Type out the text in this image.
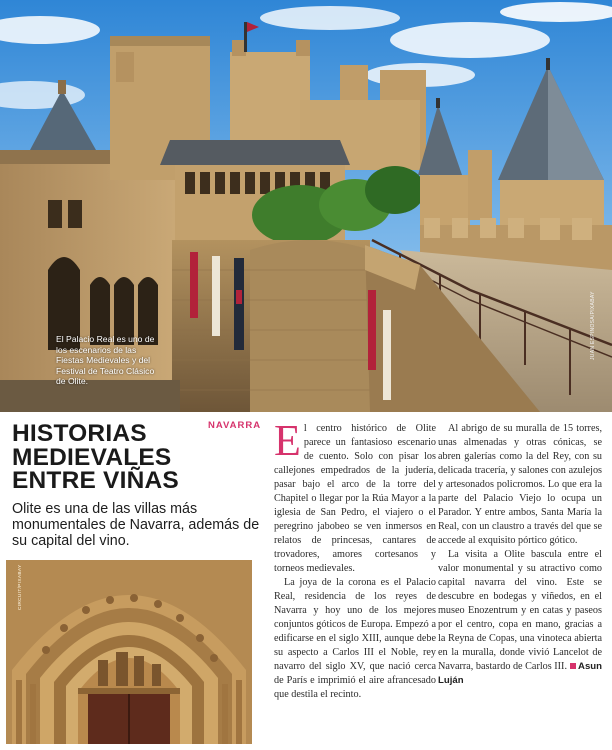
El Palacio Real es uno de los escenarios de las Fiestas Medievales y del Festival de Teatro Clásico de Olite.

JUAN ESPINOSA/PIXABAY
NAVARRA
HISTORIAS
MEDIEVALES
ENTRE VIÑAS

Olite es una de las villas más monumentales de Navarra, además de su capital del vino.

CIRCUIT/PIXABAY

El centro histórico de Olite parece un fantasioso escenario de cuento. Solo con pisar los callejones empedrados de la judería, pasar bajo el arco de la torre del Chapitel o llegar por la Rúa Mayor a la iglesia de San Pedro, el viajero o el peregrino jabobeo se ven inmersos en relatos de princesas, cantares de trovadores, amores cortesanos y torneos medievales.

La joya de la corona es el Palacio Real, residencia de los reyes de Navarra y hoy uno de los mejores conjuntos góticos de Europa. Empezó a edificarse en el siglo XIII, aunque debe su aspecto a Carlos III el Noble, rey navarro del siglo XV, que nació cerca de París e imprimió el aire afrancesado que destila el recinto.

Al abrigo de su muralla de 15 torres, unas almenadas y otras cónicas, se abren galerías como la del Rey, con su delicada tracería, y salones con azulejos y artesonados policromos. Lo que era la parte del Palacio Viejo lo ocupa un Parador. Y entre ambos, Santa María la Real, con un claustro a través del que se accede al exquisito pórtico gótico.

La visita a Olite bascula entre el valor monumental y su atractivo como capital navarra del vino. Este se descubre en bodegas y viñedos, en el museo Enozentrum y en catas y paseos por el centro, copa en mano, gracias a la Reyna de Copas, una vinoteca abierta en la muralla, donde vivió Lancelot de Navarra, bastardo de Carlos III. Asun Luján
